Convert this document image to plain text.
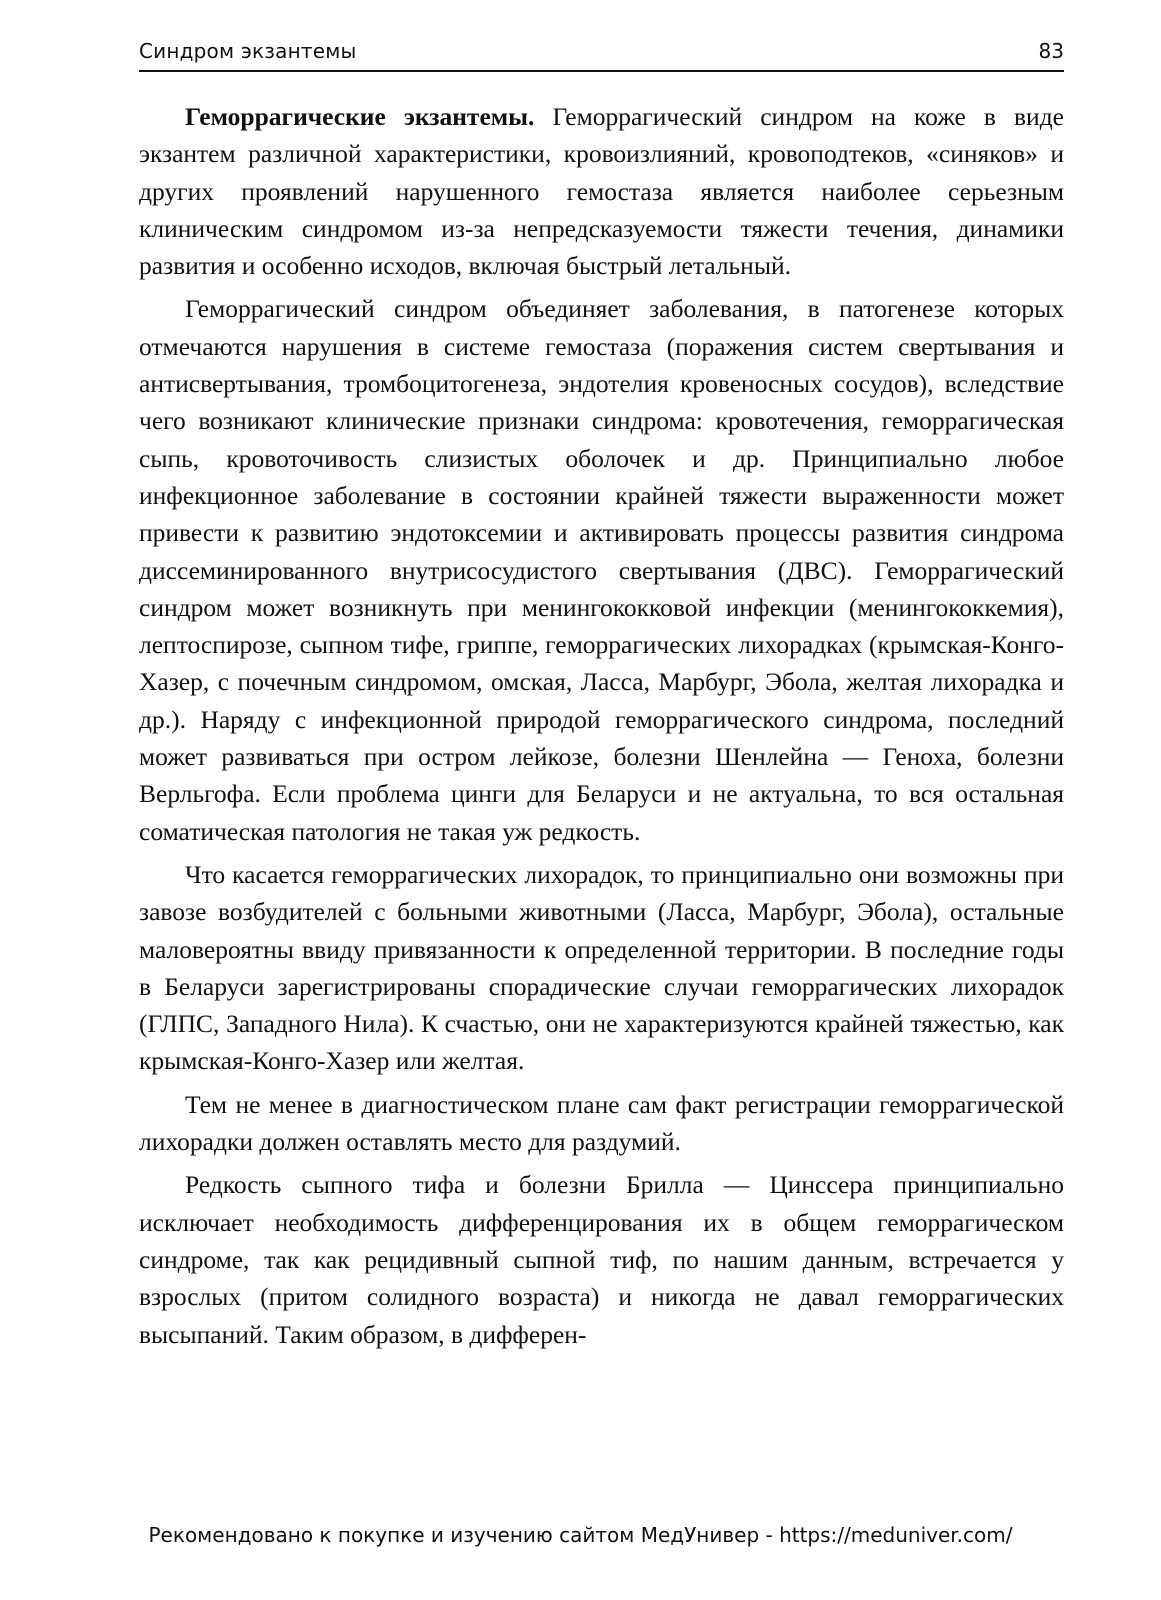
Синдром экзантемы	83

Геморрагические экзантемы. Геморрагический синдром на коже в виде экзантем различной характеристики, кровоизлияний, кровоподтеков, «синяков» и других проявлений нарушенного гемостаза является наиболее серьезным клиническим синдромом из-за непредсказуемости тяжести течения, динамики развития и особенно исходов, включая быстрый летальный.

Геморрагический синдром объединяет заболевания, в патогенезе которых отмечаются нарушения в системе гемостаза (поражения систем свертывания и антисвертывания, тромбоцитогенеза, эндотелия кровеносных сосудов), вследствие чего возникают клинические признаки синдрома: кровотечения, геморрагическая сыпь, кровоточивость слизистых оболочек и др. Принципиально любое инфекционное заболевание в состоянии крайней тяжести выраженности может привести к развитию эндотоксемии и активировать процессы развития синдрома диссеминированного внутрисосудистого свертывания (ДВС). Геморрагический синдром может возникнуть при менингококковой инфекции (менингококкемия), лептоспирозе, сыпном тифе, гриппе, геморрагических лихорадках (крымская-Конго-Хазер, с почечным синдромом, омская, Ласса, Марбург, Эбола, желтая лихорадка и др.). Наряду с инфекционной природой геморрагического синдрома, последний может развиваться при остром лейкозе, болезни Шенлейна — Геноха, болезни Верльгофа. Если проблема цинги для Беларуси и не актуальна, то вся остальная соматическая патология не такая уж редкость.

Что касается геморрагических лихорадок, то принципиально они возможны при завозе возбудителей с больными животными (Ласса, Марбург, Эбола), остальные маловероятны ввиду привязанности к определенной территории. В последние годы в Беларуси зарегистрированы спорадические случаи геморрагических лихорадок (ГЛПС, Западного Нила). К счастью, они не характеризуются крайней тяжестью, как крымская-Конго-Хазер или желтая.

Тем не менее в диагностическом плане сам факт регистрации геморрагической лихорадки должен оставлять место для раздумий.

Редкость сыпного тифа и болезни Брилла — Цинссера принципиально исключает необходимость дифференцирования их в общем геморрагическом синдроме, так как рецидивный сыпной тиф, по нашим данным, встречается у взрослых (притом солидного возраста) и никогда не давал геморрагических высыпаний. Таким образом, в дифферен-

Рекомендовано к покупке и изучению сайтом МедУнивер - https://meduniver.com/
